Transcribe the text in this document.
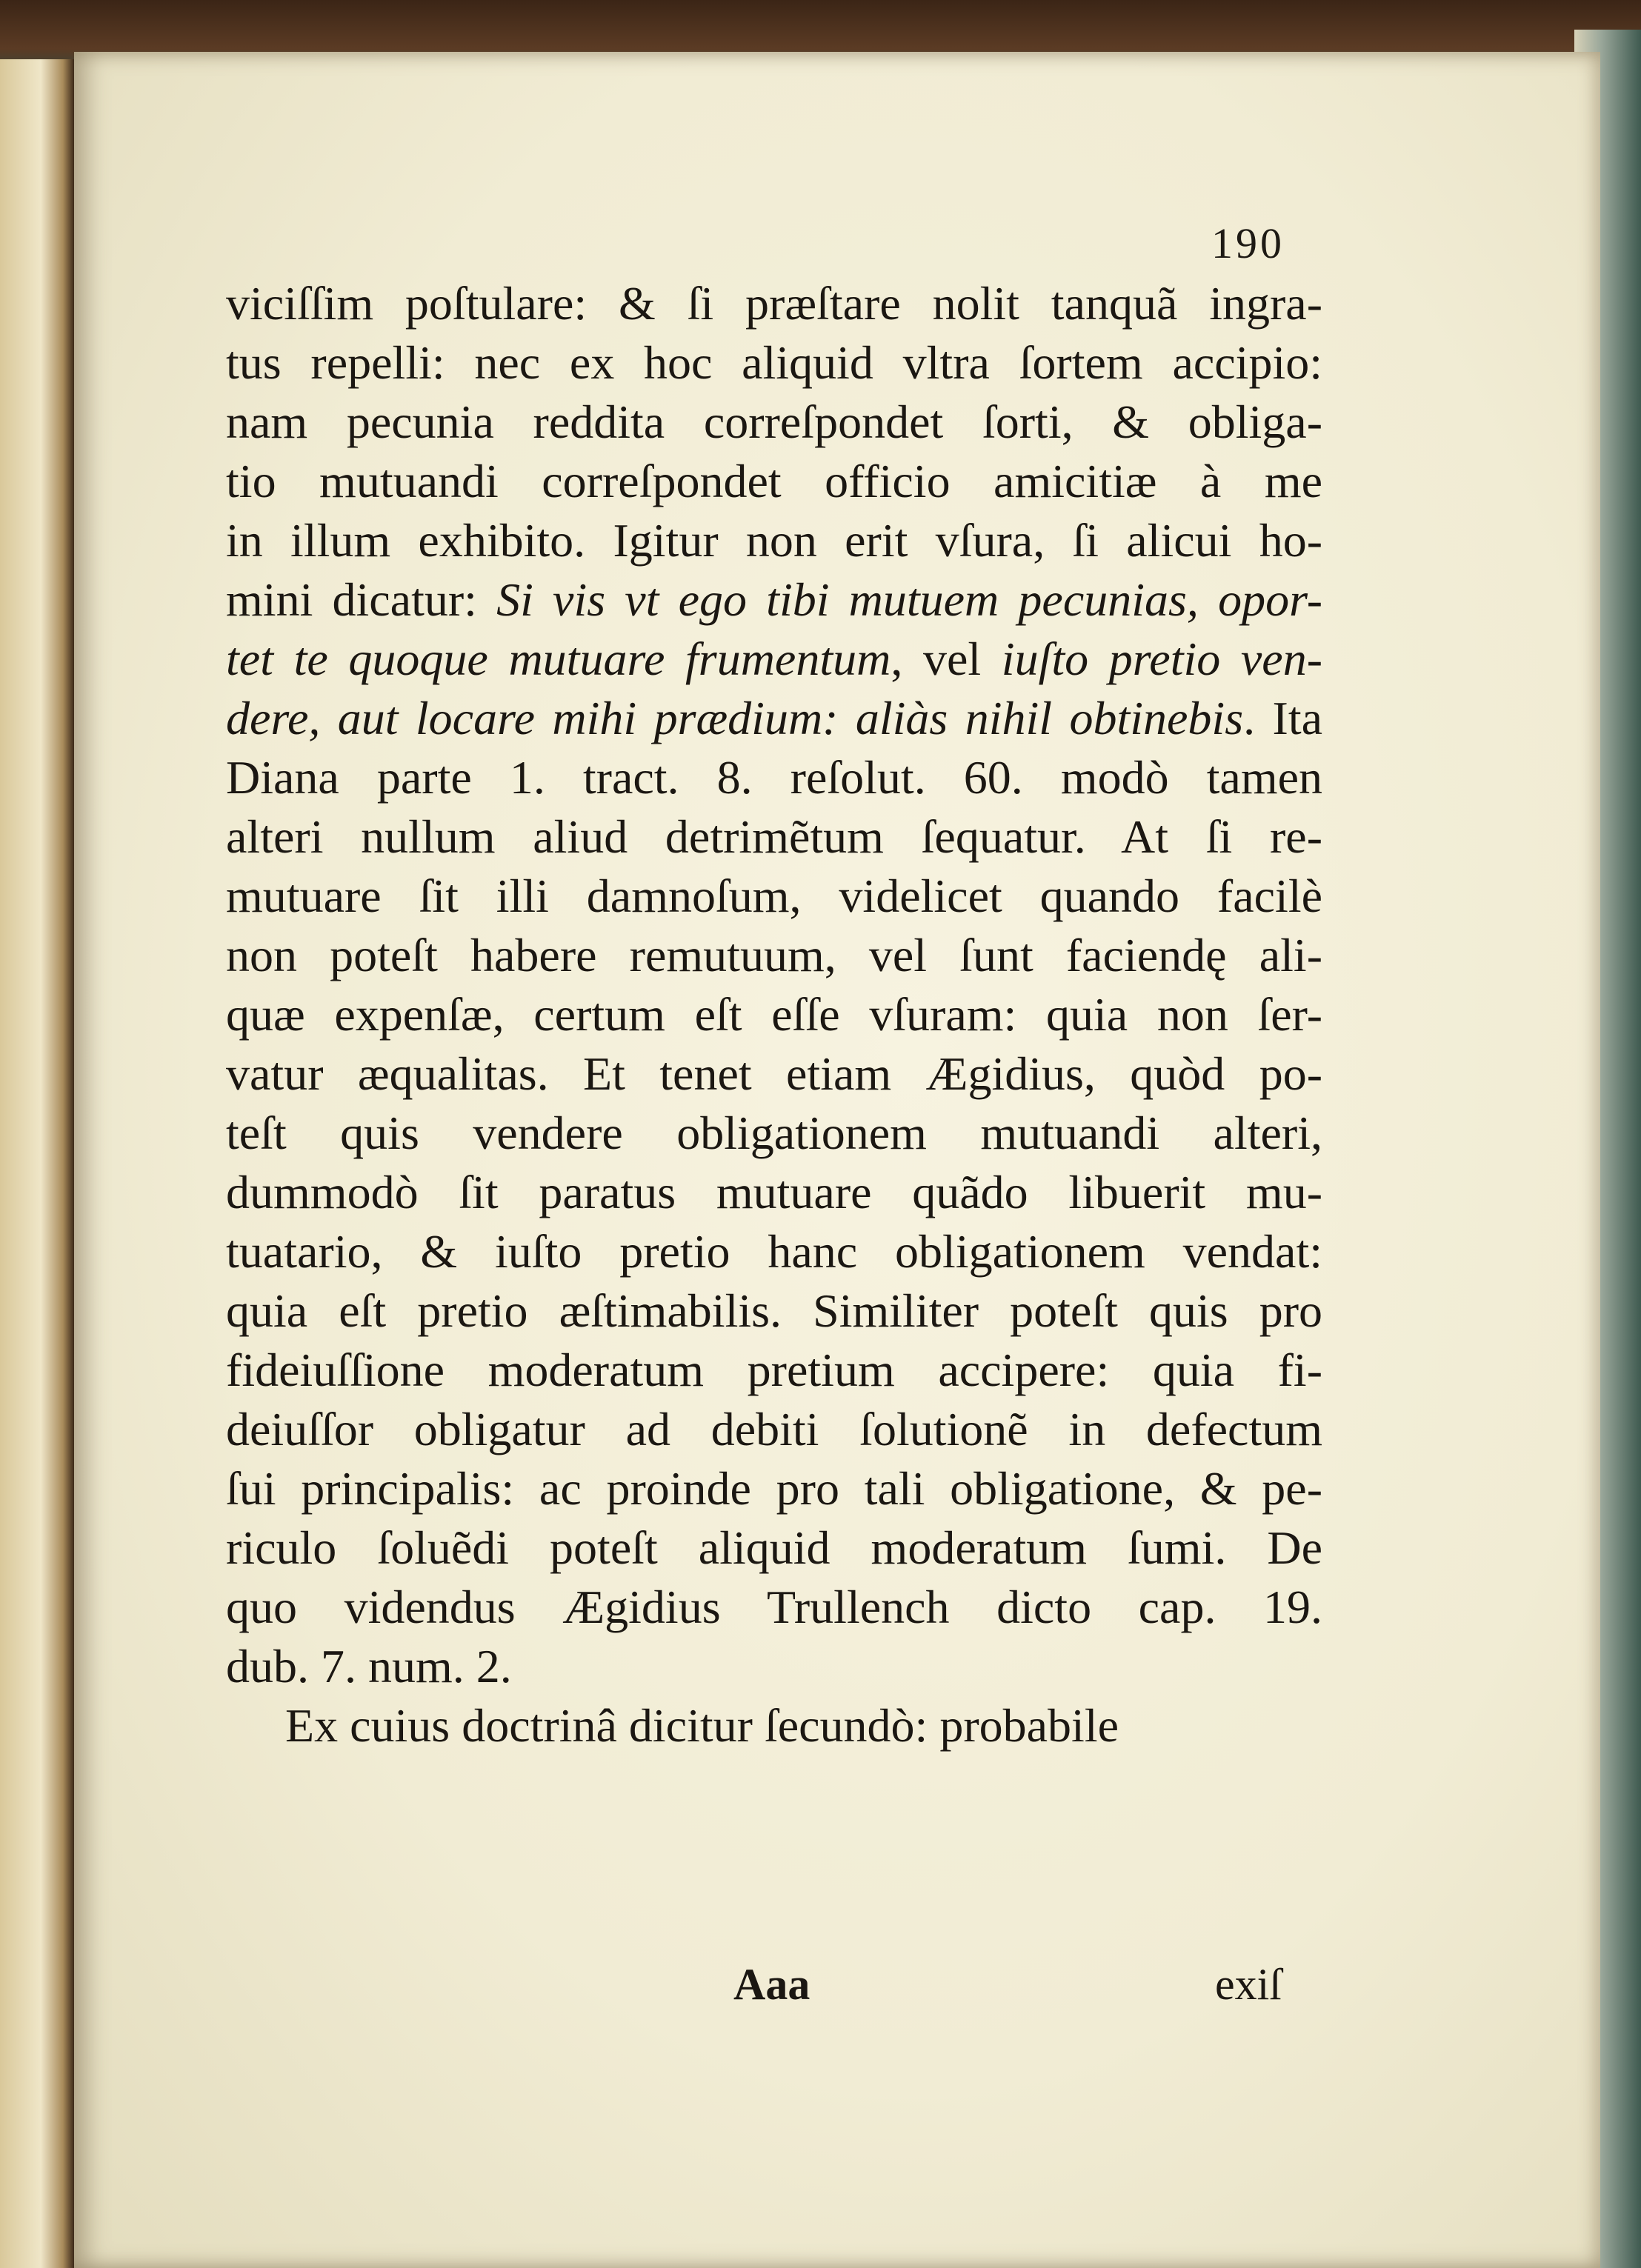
190
viciſſim poſtulare: & ſi præſtare nolit tanquã ingra-
tus repelli: nec ex hoc aliquid vltra ſortem accipio:
nam pecunia reddita correſpondet ſorti, & obliga-
tio mutuandi correſpondet officio amicitiæ à me
in illum exhibito. Igitur non erit vſura, ſi alicui ho-
mini dicatur: Si vis vt ego tibi mutuem pecunias, opor-
tet te quoque mutuare frumentum, vel iuſto pretio ven-
dere, aut locare mihi prædium: aliàs nihil obtinebis. Ita
Diana parte 1. tract. 8. reſolut. 60. modò tamen
alteri nullum aliud detrimẽtum ſequatur. At ſi re-
mutuare ſit illi damnoſum, videlicet quando facilè
non poteſt habere remutuum, vel ſunt faciendę ali-
quæ expenſæ, certum eſt eſſe vſuram: quia non ſer-
vatur æqualitas. Et tenet etiam Ægidius, quòd po-
teſt quis vendere obligationem mutuandi alteri,
dummodò ſit paratus mutuare quãdo libuerit mu-
tuatario, & iuſto pretio hanc obligationem vendat:
quia eſt pretio æſtimabilis. Similiter poteſt quis pro
fideiuſſione moderatum pretium accipere: quia fi-
deiuſſor obligatur ad debiti ſolutionẽ in defectum
ſui principalis: ac proinde pro tali obligatione, & pe-
riculo ſoluẽdi poteſt aliquid moderatum ſumi. De
quo videndus Ægidius Trullench dicto cap. 19.
dub. 7. num. 2.
Ex cuius doctrinâ dicitur ſecundò: probabile
Aaa	exiſ
